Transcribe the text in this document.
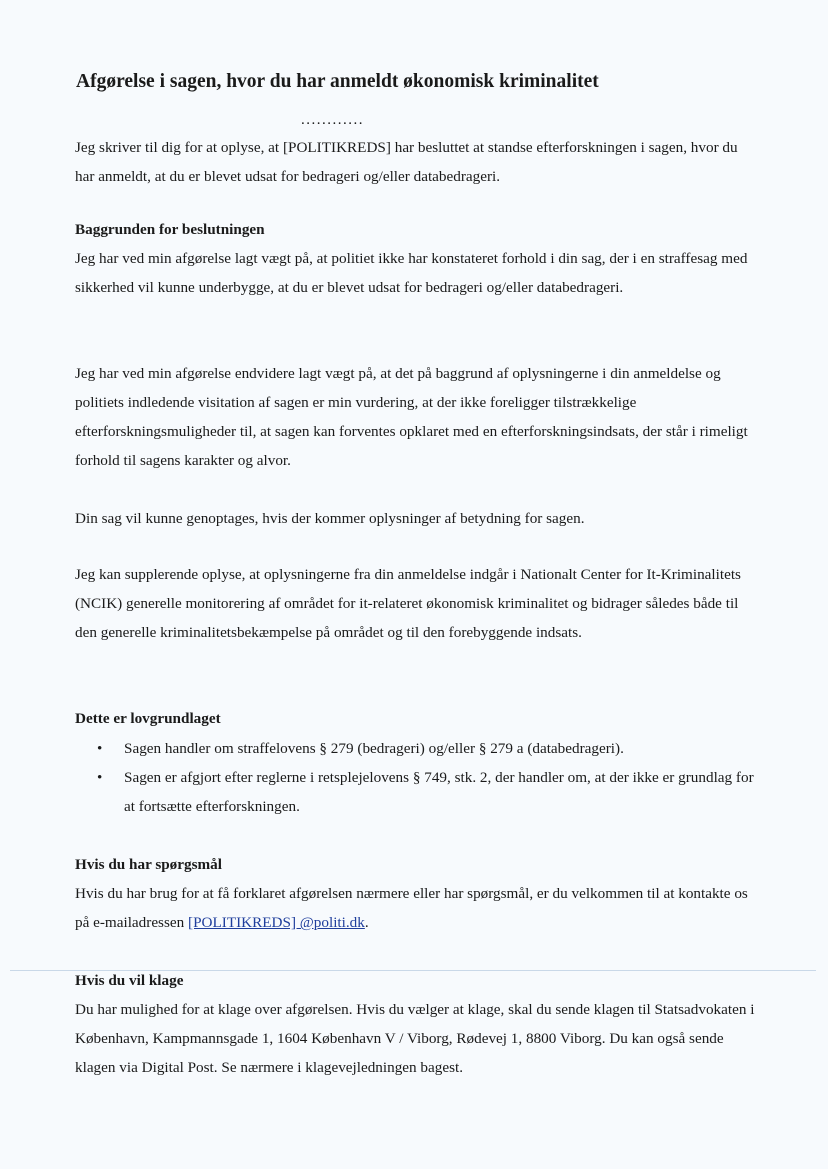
Afgørelse i sagen, hvor du har anmeldt økonomisk kriminalitet
............

Jeg skriver til dig for at oplyse, at [POLITIKREDS] har besluttet at standse efterforskningen i sagen, hvor du har anmeldt, at du er blevet udsat for bedrageri og/eller databedrageri.

Baggrunden for beslutningen

Jeg har ved min afgørelse lagt vægt på, at politiet ikke har konstateret forhold i din sag, der i en straffesag med sikkerhed vil kunne underbygge, at du er blevet udsat for bedrageri og/eller databedrageri.

Jeg har ved min afgørelse endvidere lagt vægt på, at det på baggrund af oplysningerne i din anmeldelse og politiets indledende visitation af sagen er min vurdering, at der ikke foreligger tilstrækkelige efterforskningsmuligheder til, at sagen kan forventes opklaret med en efterforskningsindsats, der står i rimeligt forhold til sagens karakter og alvor.

Din sag vil kunne genoptages, hvis der kommer oplysninger af betydning for sagen.

Jeg kan supplerende oplyse, at oplysningerne fra din anmeldelse indgår i Nationalt Center for It-Kriminalitets (NCIK) generelle monitorering af området for it-relateret økonomisk kriminalitet og bidrager således både til den generelle kriminalitetsbekæmpelse på området og til den forebyggende indsats.

Dette er lovgrundlaget

• Sagen handler om straffelovens § 279 (bedrageri) og/eller § 279 a (databedrageri).
• Sagen er afgjort efter reglerne i retsplejelovens § 749, stk. 2, der handler om, at der ikke er grundlag for at fortsætte efterforskningen.

Hvis du har spørgsmål

Hvis du har brug for at få forklaret afgørelsen nærmere eller har spørgsmål, er du velkommen til at kontakte os på e-mailadressen [POLITIKREDS] @politi.dk.

Hvis du vil klage

Du har mulighed for at klage over afgørelsen. Hvis du vælger at klage, skal du sende klagen til Statsadvokaten i København, Kampmannsgade 1, 1604 København V / Viborg, Rødevej 1, 8800 Viborg. Du kan også sende klagen via Digital Post. Se nærmere i klagevejledningen bagest.
